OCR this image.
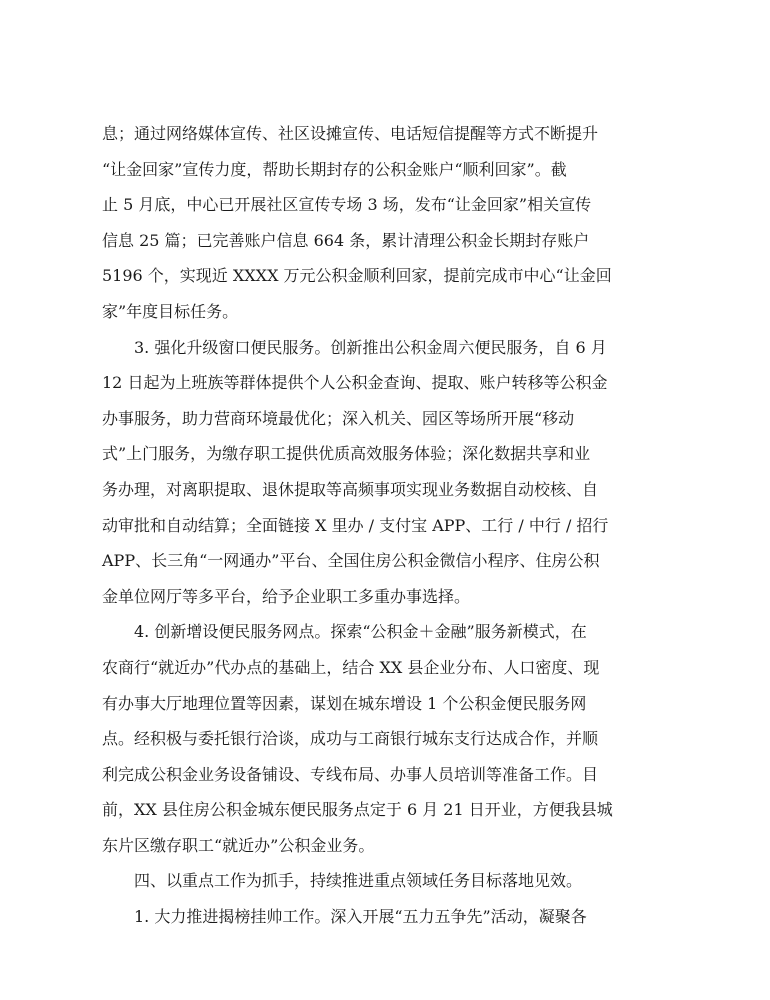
息；通过网络媒体宣传、社区设摊宣传、电话短信提醒等方式不断提升
“让金回家”宣传力度，帮助长期封存的公积金账户“顺利回家”。截
止 5 月底，中心已开展社区宣传专场 3 场，发布“让金回家”相关宣传
信息 25 篇；已完善账户信息 664 条，累计清理公积金长期封存账户
5196 个，实现近 XXXX 万元公积金顺利回家，提前完成市中心“让金回
家”年度目标任务。
3. 强化升级窗口便民服务。创新推出公积金周六便民服务，自 6 月
12 日起为上班族等群体提供个人公积金查询、提取、账户转移等公积金
办事服务，助力营商环境最优化；深入机关、园区等场所开展“移动
式”上门服务，为缴存职工提供优质高效服务体验；深化数据共享和业
务办理，对离职提取、退休提取等高频事项实现业务数据自动校核、自
动审批和自动结算；全面链接 X 里办 / 支付宝 APP、工行 / 中行 / 招行
APP、长三角“一网通办”平台、全国住房公积金微信小程序、住房公积
金单位网厅等多平台，给予企业职工多重办事选择。
4. 创新增设便民服务网点。探索“公积金＋金融”服务新模式，在
农商行“就近办”代办点的基础上，结合 XX 县企业分布、人口密度、现
有办事大厅地理位置等因素，谋划在城东增设 1 个公积金便民服务网
点。经积极与委托银行洽谈，成功与工商银行城东支行达成合作，并顺
利完成公积金业务设备铺设、专线布局、办事人员培训等准备工作。目
前，XX 县住房公积金城东便民服务点定于 6 月 21 日开业，方便我县城
东片区缴存职工“就近办”公积金业务。
四、以重点工作为抓手，持续推进重点领域任务目标落地见效。
1. 大力推进揭榜挂帅工作。深入开展“五力五争先”活动，凝聚各
